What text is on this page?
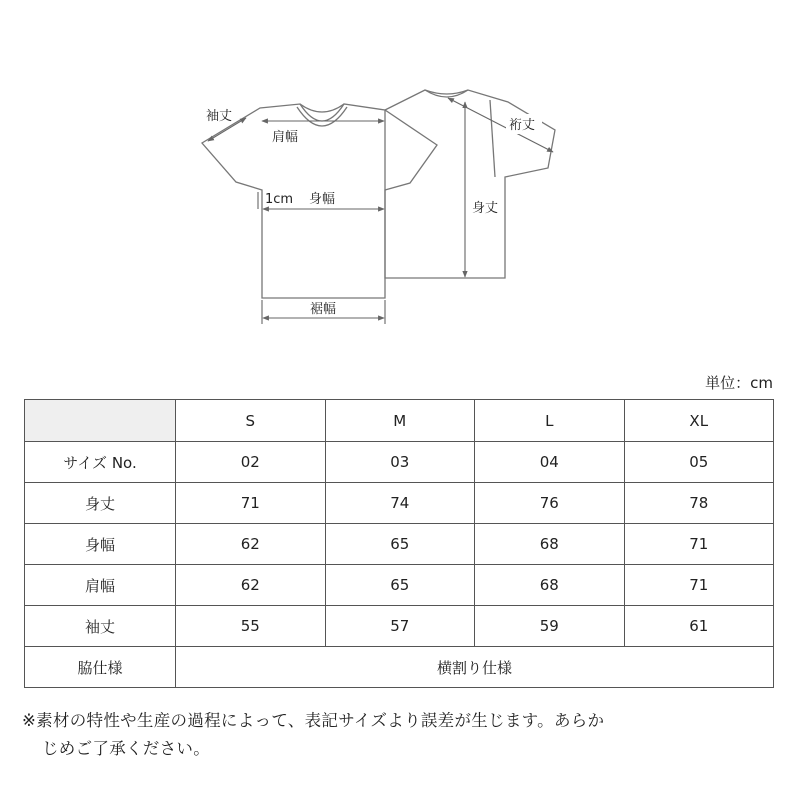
袖丈
肩幅
1cm 身幅
裾幅
裄丈
身丈
単位：cm
	S	M	L	XL
サイズ No.	02	03	04	05
身丈	71	74	76	78
身幅	62	65	68	71
肩幅	62	65	68	71
袖丈	55	57	59	61
脇仕様	横割り仕様			
※素材の特性や生産の過程によって、表記サイズより誤差が生じます。あらか
じめご了承ください。
